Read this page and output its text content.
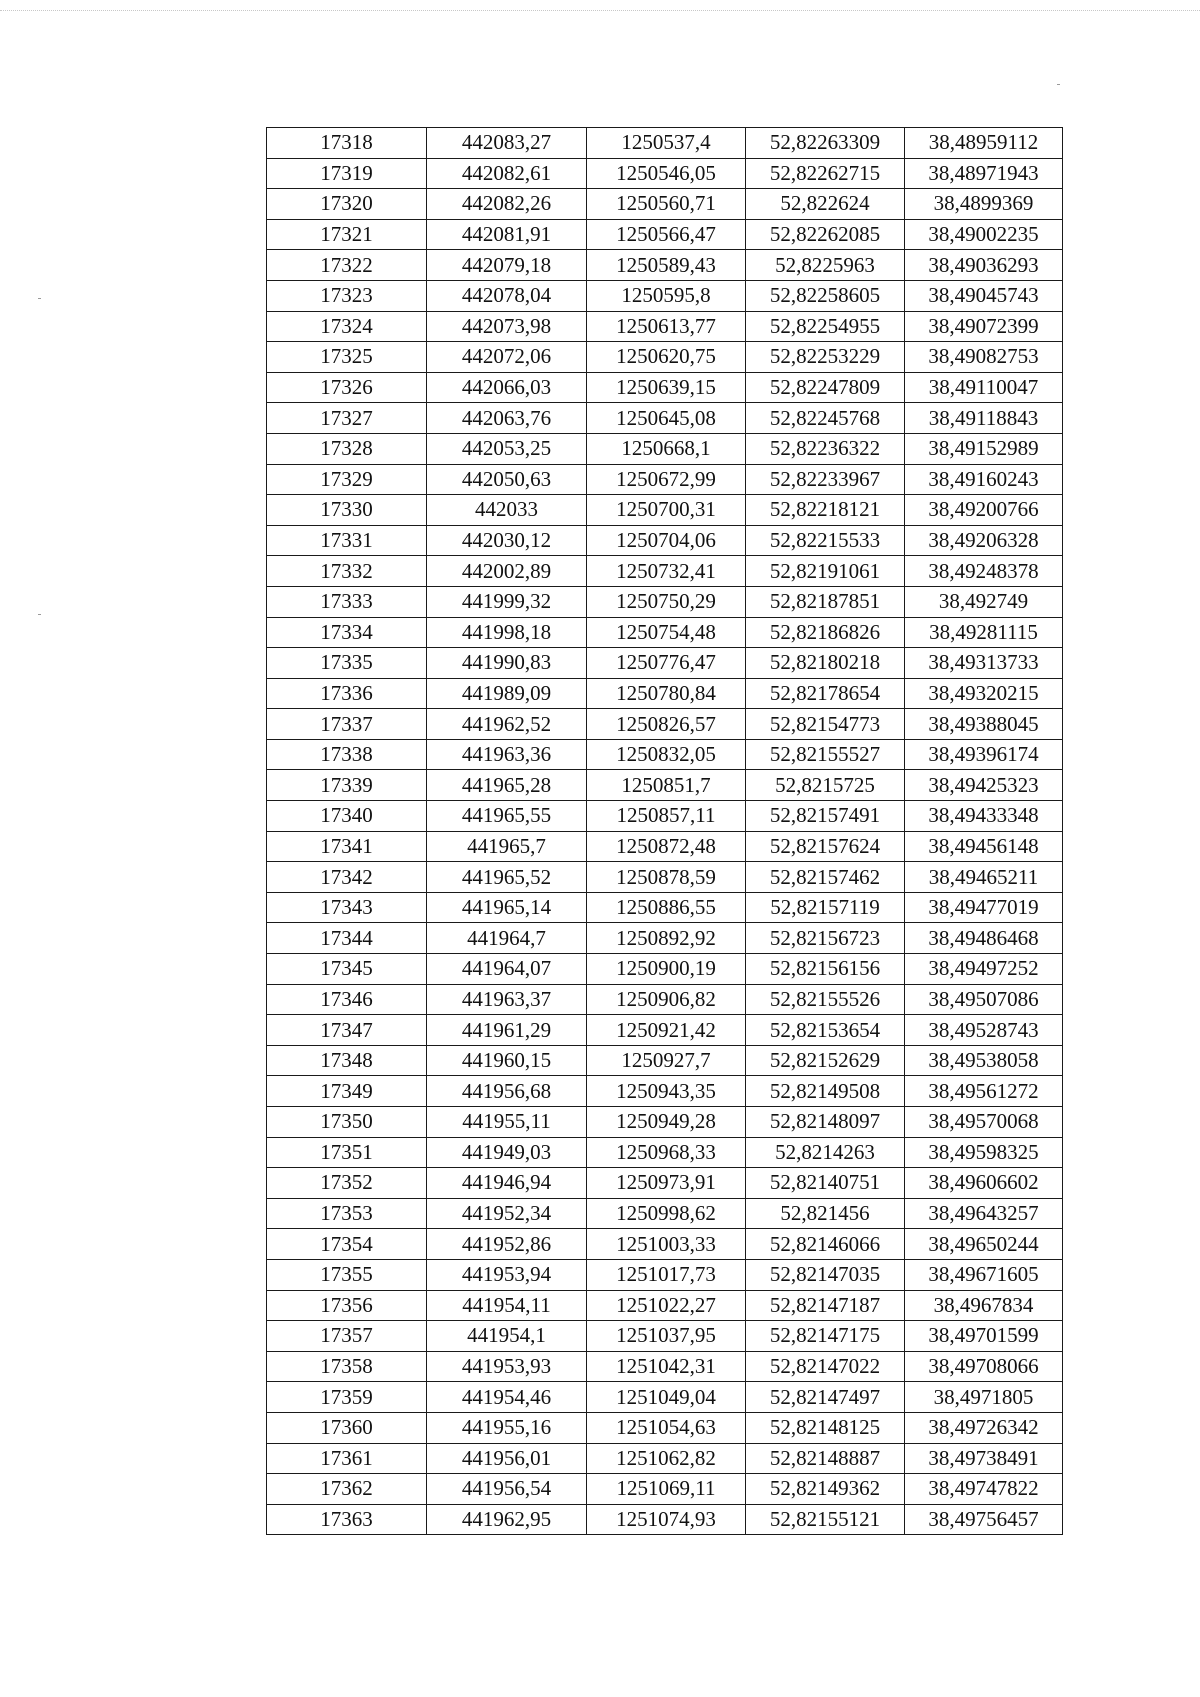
17318	442083,27	1250537,4	52,82263309	38,48959112
17319	442082,61	1250546,05	52,82262715	38,48971943
17320	442082,26	1250560,71	52,822624	38,4899369
17321	442081,91	1250566,47	52,82262085	38,49002235
17322	442079,18	1250589,43	52,8225963	38,49036293
17323	442078,04	1250595,8	52,82258605	38,49045743
17324	442073,98	1250613,77	52,82254955	38,49072399
17325	442072,06	1250620,75	52,82253229	38,49082753
17326	442066,03	1250639,15	52,82247809	38,49110047
17327	442063,76	1250645,08	52,82245768	38,49118843
17328	442053,25	1250668,1	52,82236322	38,49152989
17329	442050,63	1250672,99	52,82233967	38,49160243
17330	442033	1250700,31	52,82218121	38,49200766
17331	442030,12	1250704,06	52,82215533	38,49206328
17332	442002,89	1250732,41	52,82191061	38,49248378
17333	441999,32	1250750,29	52,82187851	38,492749
17334	441998,18	1250754,48	52,82186826	38,49281115
17335	441990,83	1250776,47	52,82180218	38,49313733
17336	441989,09	1250780,84	52,82178654	38,49320215
17337	441962,52	1250826,57	52,82154773	38,49388045
17338	441963,36	1250832,05	52,82155527	38,49396174
17339	441965,28	1250851,7	52,8215725	38,49425323
17340	441965,55	1250857,11	52,82157491	38,49433348
17341	441965,7	1250872,48	52,82157624	38,49456148
17342	441965,52	1250878,59	52,82157462	38,49465211
17343	441965,14	1250886,55	52,82157119	38,49477019
17344	441964,7	1250892,92	52,82156723	38,49486468
17345	441964,07	1250900,19	52,82156156	38,49497252
17346	441963,37	1250906,82	52,82155526	38,49507086
17347	441961,29	1250921,42	52,82153654	38,49528743
17348	441960,15	1250927,7	52,82152629	38,49538058
17349	441956,68	1250943,35	52,82149508	38,49561272
17350	441955,11	1250949,28	52,82148097	38,49570068
17351	441949,03	1250968,33	52,8214263	38,49598325
17352	441946,94	1250973,91	52,82140751	38,49606602
17353	441952,34	1250998,62	52,821456	38,49643257
17354	441952,86	1251003,33	52,82146066	38,49650244
17355	441953,94	1251017,73	52,82147035	38,49671605
17356	441954,11	1251022,27	52,82147187	38,4967834
17357	441954,1	1251037,95	52,82147175	38,49701599
17358	441953,93	1251042,31	52,82147022	38,49708066
17359	441954,46	1251049,04	52,82147497	38,4971805
17360	441955,16	1251054,63	52,82148125	38,49726342
17361	441956,01	1251062,82	52,82148887	38,49738491
17362	441956,54	1251069,11	52,82149362	38,49747822
17363	441962,95	1251074,93	52,82155121	38,49756457
